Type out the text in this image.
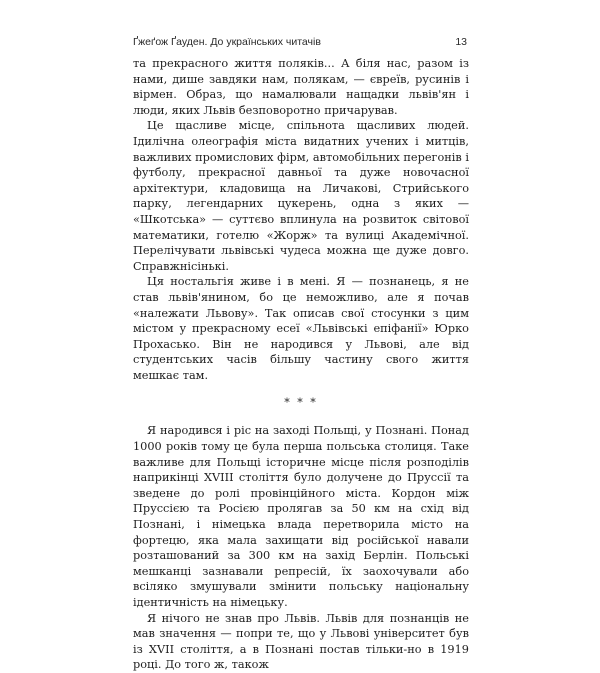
Ґжеґож Ґауден. До українських читачів	13

та прекрасного життя поляків... А біля нас, разом із нами, дише завдяки нам, полякам, — євреїв, русинів і вірмен. Образ, що намалювали нащадки львів'ян і люди, яких Львів безповоротно причарував.

Це щасливе місце, спільнота щасливих людей. Ідилічна олеографія міста видатних учених і митців, важливих промислових фірм, автомобільних перегонів і футболу, прекрасної давньої та дуже новочасної архітектури, кладовища на Личакові, Стрийського парку, легендарних цукерень, одна з яких — «Шкотська» — суттєво вплинула на розвиток світової математики, готелю «Жорж» та вулиці Академічної. Перелічувати львівські чудеса можна ще дуже довго. Справжнісінькі.

Ця ностальгія живе і в мені. Я — познанець, я не став львів'янином, бо це неможливо, але я почав «належати Львову». Так описав свої стосунки з цим містом у прекрасному есеї «Львівські епіфанії» Юрко Прохасько. Він не народився у Львові, але від студентських часів більшу частину свого життя мешкає там.

* * *

Я народився і ріс на заході Польщі, у Познані. Понад 1000 років тому це була перша польська столиця. Таке важливе для Польщі історичне місце після розподілів наприкінці XVIII століття було долучене до Пруссії та зведене до ролі провінційного міста. Кордон між Пруссією та Росією пролягав за 50 км на схід від Познані, і німецька влада перетворила місто на фортецю, яка мала захищати від російської навали розташований за 300 км на захід Берлін. Польські мешканці зазнавали репресій, їх заохочували або всіляко змушували змінити польську національну ідентичність на німецьку.

Я нічого не знав про Львів. Львів для познанців не мав значення — попри те, що у Львові університет був із XVII століття, а в Познані постав тільки-но в 1919 році. До того ж, також
